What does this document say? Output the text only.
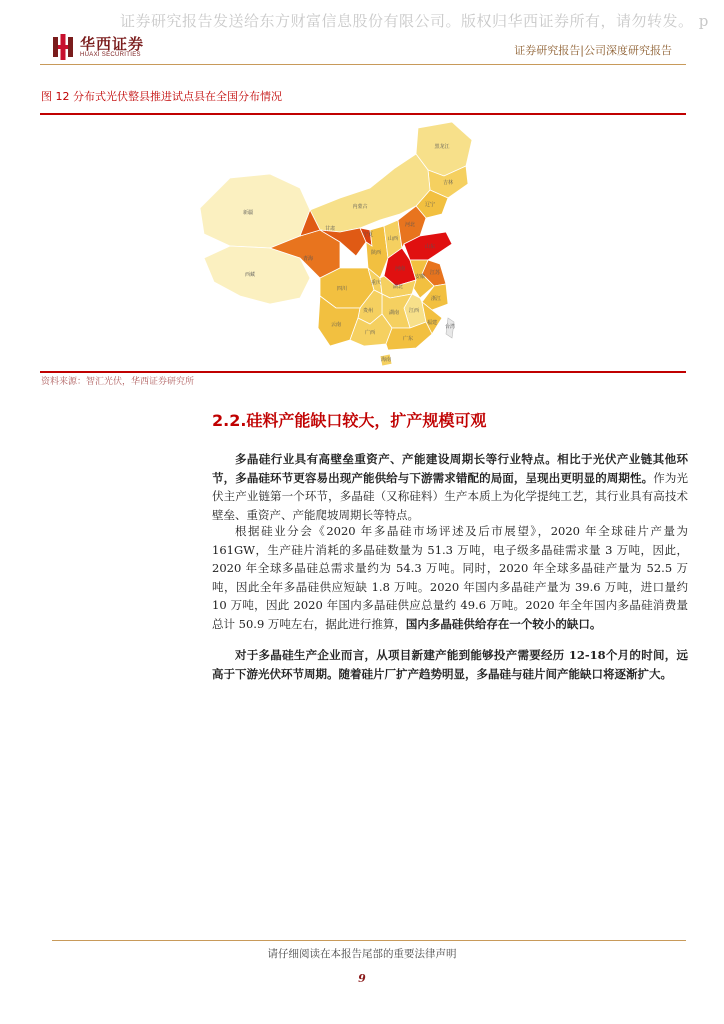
证券研究报告发送给东方财富信息股份有限公司。版权归华西证券所有，请勿转发。 p
华西证券
HUAXI SECURITIES	证券研究报告|公司深度研究报告
图 12 分布式光伏整县推进试点县在全国分布情况
黑龙江
吉林
辽宁
内蒙古
新疆
西藏
青海
甘肃
宁夏
陕西
山西
河北
山东
河南
四川
重庆
湖北
湖南 江西
安徽
江苏
浙江
福建
贵州
云南
广西
广东
海南
台湾
资料来源：智汇光伏，华西证券研究所
2.2.硅料产能缺口较大，扩产规模可观
多晶硅行业具有高壁垒重资产、产能建设周期长等行业特点。相比于光伏产业链其他环节，多晶硅环节更容易出现产能供给与下游需求错配的局面，呈现出更明显的周期性。作为光伏主产业链第一个环节，多晶硅（又称硅料）生产本质上为化学提纯工艺，其行业具有高技术壁垒、重资产、产能爬坡周期长等特点。
根据硅业分会《2020 年多晶硅市场评述及后市展望》，2020 年全球硅片产量为 161GW，生产硅片消耗的多晶硅数量为 51.3 万吨，电子级多晶硅需求量 3 万吨，因此，2020 年全球多晶硅总需求量约为 54.3 万吨。同时，2020 年全球多晶硅产量为 52.5 万吨，因此全年多晶硅供应短缺 1.8 万吨。2020 年国内多晶硅产量为 39.6 万吨，进口量约 10 万吨，因此 2020 年国内多晶硅供应总量约 49.6 万吨。2020 年全年国内多晶硅消费量总计 50.9 万吨左右，据此进行推算，国内多晶硅供给存在一个较小的缺口。
对于多晶硅生产企业而言，从项目新建产能到能够投产需要经历 12-18个月的时间，远高于下游光伏环节周期。随着硅片厂扩产趋势明显，多晶硅与硅片间产能缺口将逐渐扩大。
请仔细阅读在本报告尾部的重要法律声明
9
